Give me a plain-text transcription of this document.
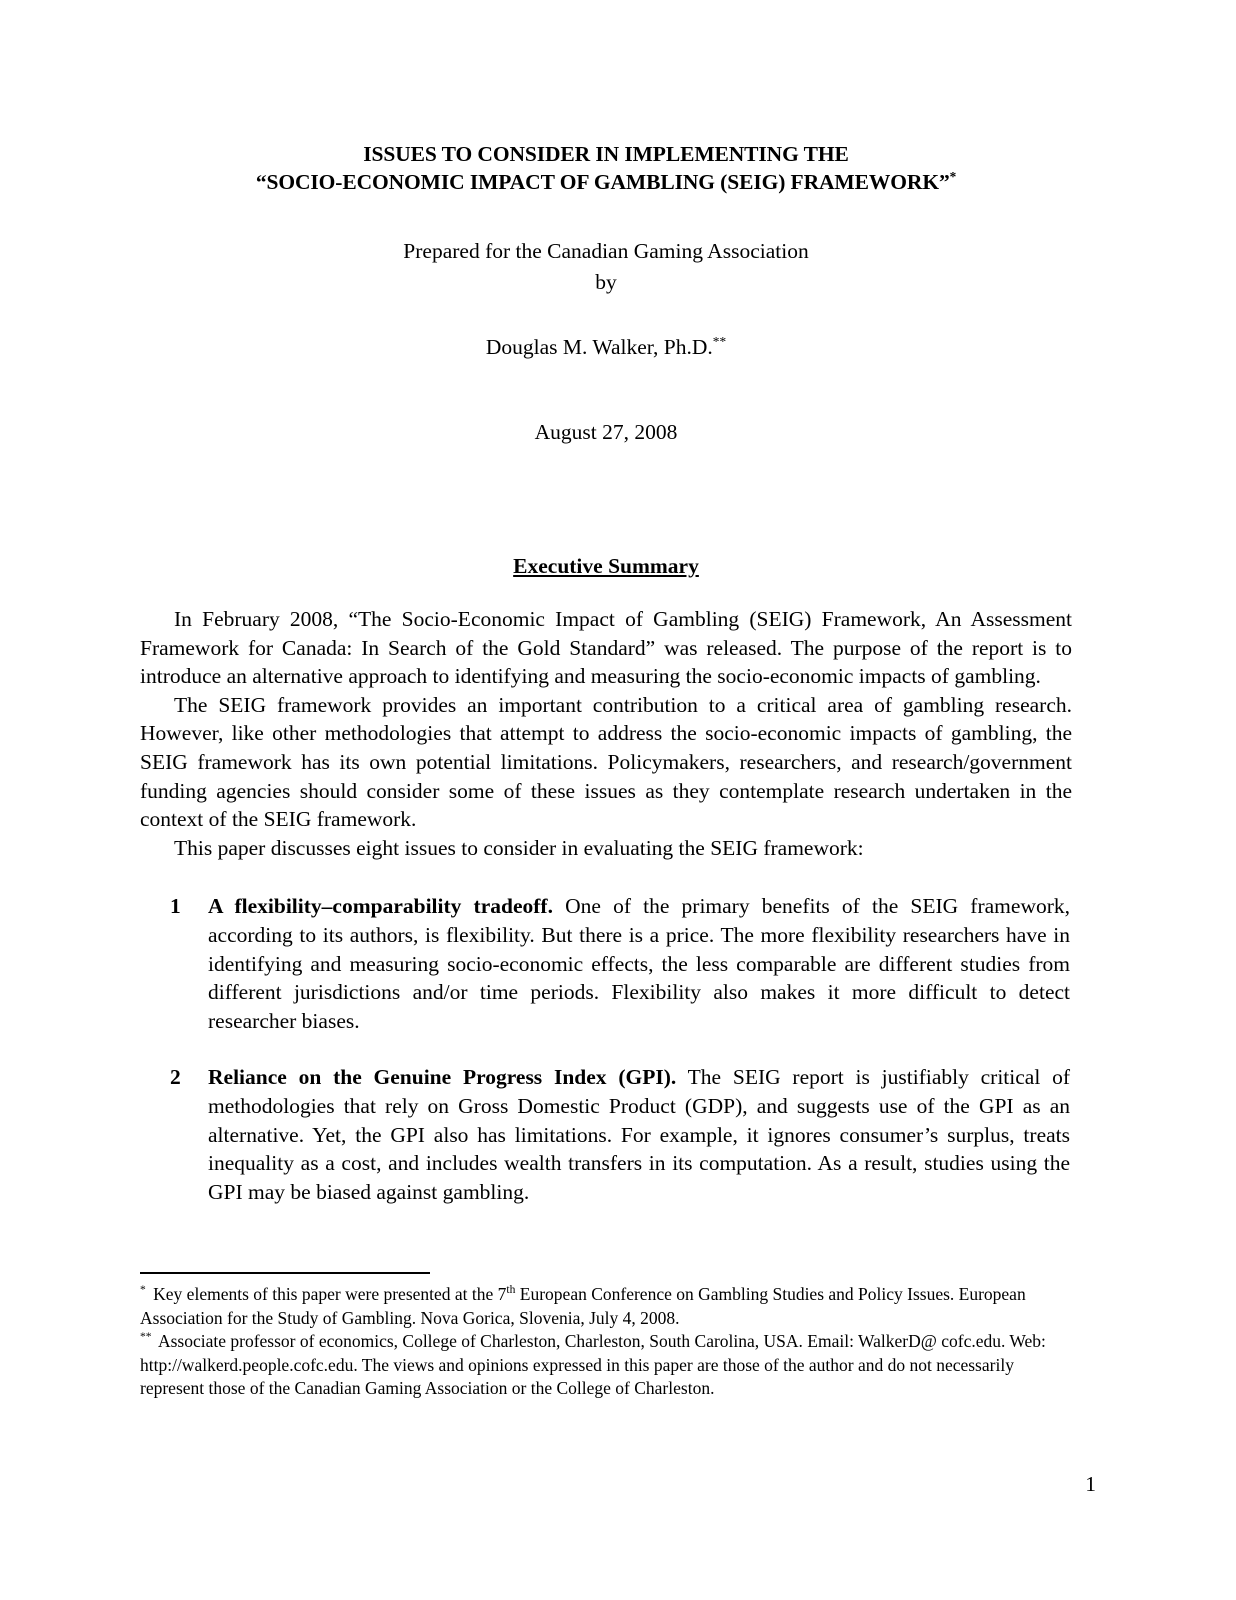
ISSUES TO CONSIDER IN IMPLEMENTING THE
“SOCIO-ECONOMIC IMPACT OF GAMBLING (SEIG) FRAMEWORK”*
Prepared for the Canadian Gaming Association
by
Douglas M. Walker, Ph.D.**
August 27, 2008
Executive Summary

In February 2008, “The Socio-Economic Impact of Gambling (SEIG) Framework, An Assessment Framework for Canada: In Search of the Gold Standard” was released. The purpose of the report is to introduce an alternative approach to identifying and measuring the socio-economic impacts of gambling.

The SEIG framework provides an important contribution to a critical area of gambling research. However, like other methodologies that attempt to address the socio-economic impacts of gambling, the SEIG framework has its own potential limitations. Policymakers, researchers, and research/government funding agencies should consider some of these issues as they contemplate research undertaken in the context of the SEIG framework.

This paper discusses eight issues to consider in evaluating the SEIG framework:

1	A flexibility–comparability tradeoff. One of the primary benefits of the SEIG framework, according to its authors, is flexibility. But there is a price. The more flexibility researchers have in identifying and measuring socio-economic effects, the less comparable are different studies from different jurisdictions and/or time periods. Flexibility also makes it more difficult to detect researcher biases.
2	Reliance on the Genuine Progress Index (GPI). The SEIG report is justifiably critical of methodologies that rely on Gross Domestic Product (GDP), and suggests use of the GPI as an alternative. Yet, the GPI also has limitations. For example, it ignores consumer’s surplus, treats inequality as a cost, and includes wealth transfers in its computation. As a result, studies using the GPI may be biased against gambling.

* Key elements of this paper were presented at the 7th European Conference on Gambling Studies and Policy Issues. European Association for the Study of Gambling. Nova Gorica, Slovenia, July 4, 2008.

** Associate professor of economics, College of Charleston, Charleston, South Carolina, USA. Email: WalkerD@ cofc.edu. Web: http://walkerd.people.cofc.edu. The views and opinions expressed in this paper are those of the author and do not necessarily represent those of the Canadian Gaming Association or the College of Charleston.

1
